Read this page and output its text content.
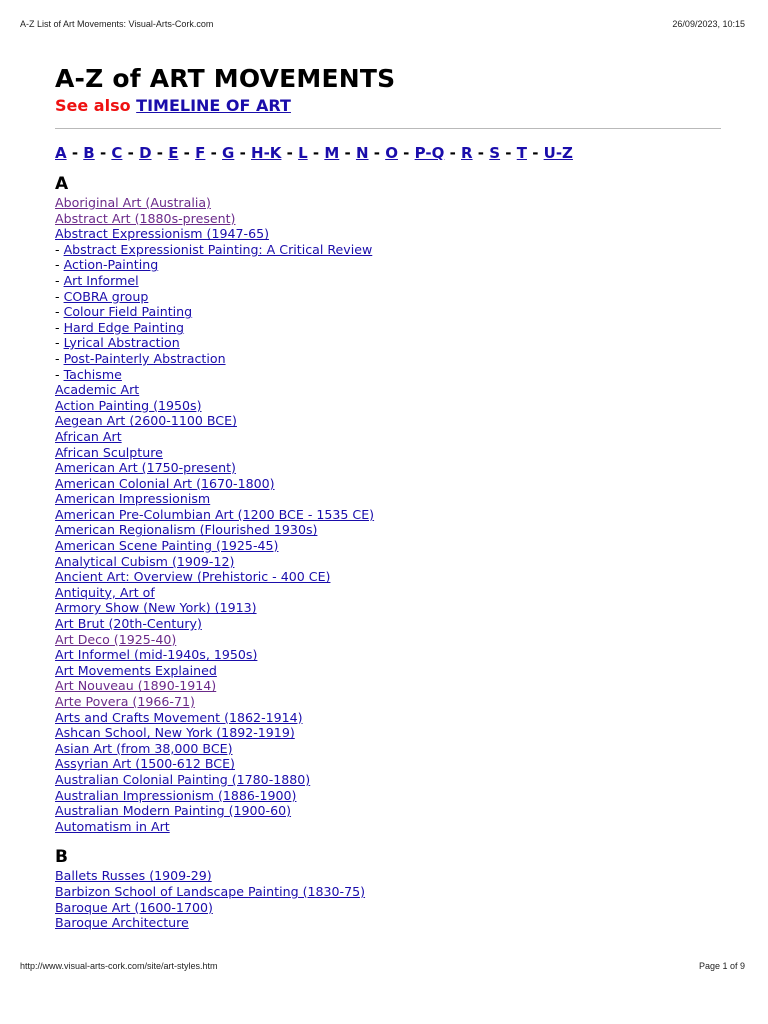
A-Z List of Art Movements: Visual-Arts-Cork.com	26/09/2023, 10:15
A-Z of ART MOVEMENTS
See also TIMELINE OF ART
A - B - C - D - E - F - G - H-K - L - M - N - O - P-Q - R - S - T - U-Z
A
Aboriginal Art (Australia)
Abstract Art (1880s-present)
Abstract Expressionism (1947-65)
- Abstract Expressionist Painting: A Critical Review
- Action-Painting
- Art Informel
- COBRA group
- Colour Field Painting
- Hard Edge Painting
- Lyrical Abstraction
- Post-Painterly Abstraction
- Tachisme
Academic Art
Action Painting (1950s)
Aegean Art (2600-1100 BCE)
African Art
African Sculpture
American Art (1750-present)
American Colonial Art (1670-1800)
American Impressionism
American Pre-Columbian Art (1200 BCE - 1535 CE)
American Regionalism (Flourished 1930s)
American Scene Painting (1925-45)
Analytical Cubism (1909-12)
Ancient Art: Overview (Prehistoric - 400 CE)
Antiquity, Art of
Armory Show (New York) (1913)
Art Brut (20th-Century)
Art Deco (1925-40)
Art Informel (mid-1940s, 1950s)
Art Movements Explained
Art Nouveau (1890-1914)
Arte Povera (1966-71)
Arts and Crafts Movement (1862-1914)
Ashcan School, New York (1892-1919)
Asian Art (from 38,000 BCE)
Assyrian Art (1500-612 BCE)
Australian Colonial Painting (1780-1880)
Australian Impressionism (1886-1900)
Australian Modern Painting (1900-60)
Automatism in Art
B
Ballets Russes (1909-29)
Barbizon School of Landscape Painting (1830-75)
Baroque Art (1600-1700)
Baroque Architecture
http://www.visual-arts-cork.com/site/art-styles.htm	Page 1 of 9
